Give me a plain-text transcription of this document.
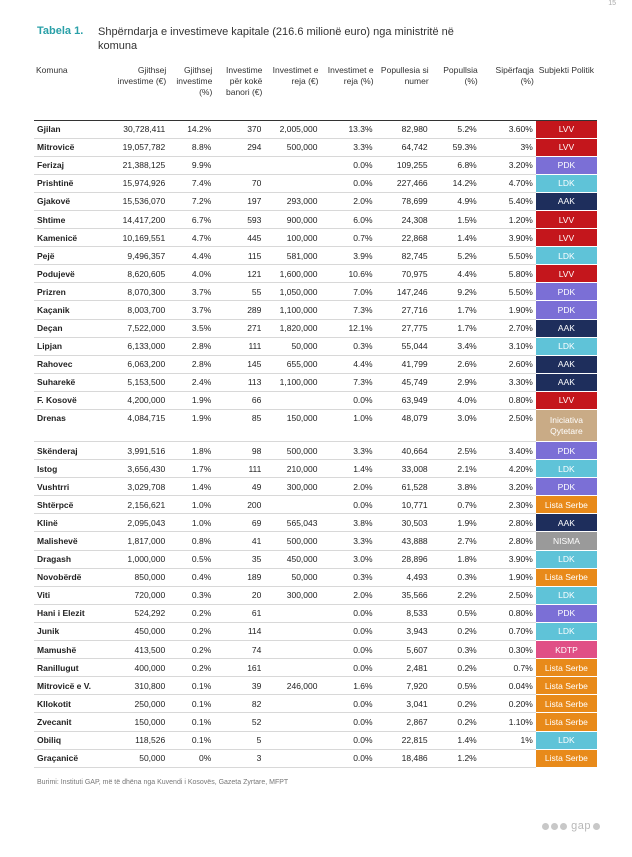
15
Tabela 1. Shpërndarja e investimeve kapitale (216.6 milionë euro) nga ministritë në komuna
Komuna	Gjithsej investime (€)	Gjithsej investime (%)	Investime për kokë banori (€)	Investimet e reja (€)	Investimet e reja (%)	Popullesia si numer	Popullsia (%)	Sipërfaqja (%)	Subjekti Politik
Gjilan	30,728,411	14.2%	370	2,005,000	13.3%	82,980	5.2%	3.60%	LVV
Mitrovicë	19,057,782	8.8%	294	500,000	3.3%	64,742	59.3%	3%	LVV
Ferizaj	21,388,125	9.9%			0.0%	109,255	6.8%	3.20%	PDK
Prishtinë	15,974,926	7.4%	70		0.0%	227,466	14.2%	4.70%	LDK
Gjakovë	15,536,070	7.2%	197	293,000	2.0%	78,699	4.9%	5.40%	AAK
Shtime	14,417,200	6.7%	593	900,000	6.0%	24,308	1.5%	1.20%	LVV
Kamenicë	10,169,551	4.7%	445	100,000	0.7%	22,868	1.4%	3.90%	LVV
Pejë	9,496,357	4.4%	115	581,000	3.9%	82,745	5.2%	5.50%	LDK
Podujevë	8,620,605	4.0%	121	1,600,000	10.6%	70,975	4.4%	5.80%	LVV
Prizren	8,070,300	3.7%	55	1,050,000	7.0%	147,246	9.2%	5.50%	PDK
Kaçanik	8,003,700	3.7%	289	1,100,000	7.3%	27,716	1.7%	1.90%	PDK
Deçan	7,522,000	3.5%	271	1,820,000	12.1%	27,775	1.7%	2.70%	AAK
Lipjan	6,133,000	2.8%	111	50,000	0.3%	55,044	3.4%	3.10%	LDK
Rahovec	6,063,200	2.8%	145	655,000	4.4%	41,799	2.6%	2.60%	AAK
Suharekë	5,153,500	2.4%	113	1,100,000	7.3%	45,749	2.9%	3.30%	AAK
F. Kosovë	4,200,000	1.9%	66		0.0%	63,949	4.0%	0.80%	LVV
Drenas	4,084,715	1.9%	85	150,000	1.0%	48,079	3.0%	2.50%	Iniciativa Qytetare
Skënderaj	3,991,516	1.8%	98	500,000	3.3%	40,664	2.5%	3.40%	PDK
Istog	3,656,430	1.7%	111	210,000	1.4%	33,008	2.1%	4.20%	LDK
Vushtrri	3,029,708	1.4%	49	300,000	2.0%	61,528	3.8%	3.20%	PDK
Shtërpcë	2,156,621	1.0%	200		0.0%	10,771	0.7%	2.30%	Lista Serbe
Klinë	2,095,043	1.0%	69	565,043	3.8%	30,503	1.9%	2.80%	AAK
Malishevë	1,817,000	0.8%	41	500,000	3.3%	43,888	2.7%	2.80%	NISMA
Dragash	1,000,000	0.5%	35	450,000	3.0%	28,896	1.8%	3.90%	LDK
Novobërdë	850,000	0.4%	189	50,000	0.3%	4,493	0.3%	1.90%	Lista Serbe
Viti	720,000	0.3%	20	300,000	2.0%	35,566	2.2%	2.50%	LDK
Hani i Elezit	524,292	0.2%	61		0.0%	8,533	0.5%	0.80%	PDK
Junik	450,000	0.2%	114		0.0%	3,943	0.2%	0.70%	LDK
Mamushë	413,500	0.2%	74		0.0%	5,607	0.3%	0.30%	KDTP
Ranillugut	400,000	0.2%	161		0.0%	2,481	0.2%	0.7%	Lista Serbe
Mitrovicë e V.	310,800	0.1%	39	246,000	1.6%	7,920	0.5%	0.04%	Lista Serbe
Kllokotit	250,000	0.1%	82		0.0%	3,041	0.2%	0.20%	Lista Serbe
Zvecanit	150,000	0.1%	52		0.0%	2,867	0.2%	1.10%	Lista Serbe
Obiliq	118,526	0.1%	5		0.0%	22,815	1.4%	1%	LDK
Graçanicë	50,000	0%	3		0.0%	18,486	1.2%		Lista Serbe
Burimi: Instituti GAP, më të dhëna nga Kuvendi i Kosovës, Gazeta Zyrtare, MFPT
gap
